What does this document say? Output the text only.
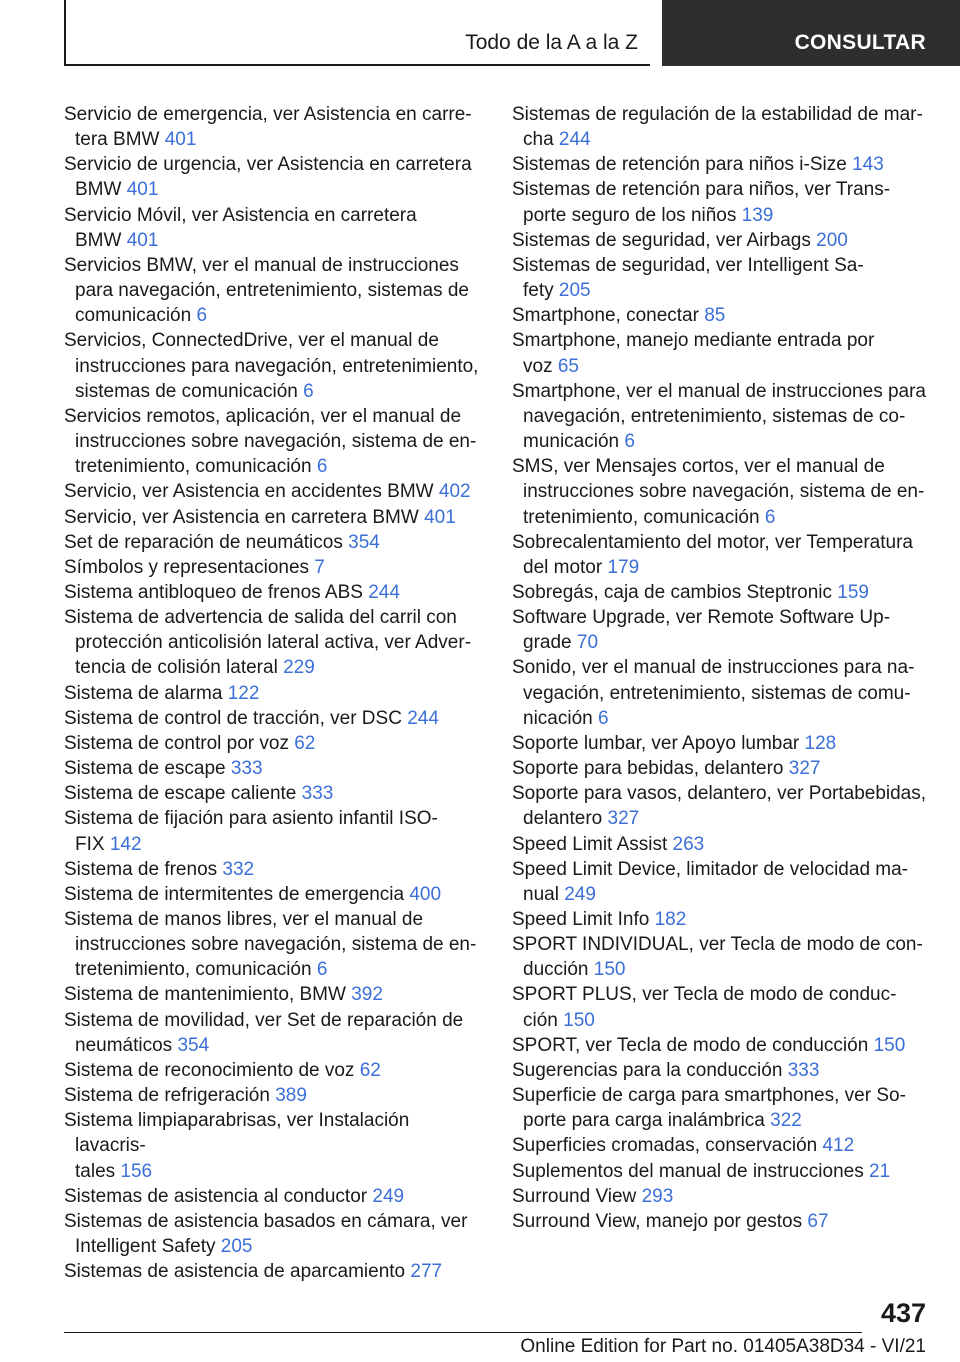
Todo de la A a la Z	CONSULTAR
Servicio de emergencia, ver Asistencia en carre‐
tera BMW 401
Servicio de urgencia, ver Asistencia en carretera
BMW 401
Servicio Móvil, ver Asistencia en carretera
BMW 401
Servicios BMW, ver el manual de instrucciones
para navegación, entretenimiento, sistemas de
comunicación 6
Servicios, ConnectedDrive, ver el manual de
instrucciones para navegación, entretenimiento,
sistemas de comunicación 6
Servicios remotos, aplicación, ver el manual de
instrucciones sobre navegación, sistema de en‐
tretenimiento, comunicación 6
Servicio, ver Asistencia en accidentes BMW 402
Servicio, ver Asistencia en carretera BMW 401
Set de reparación de neumáticos 354
Símbolos y representaciones 7
Sistema antibloqueo de frenos ABS 244
Sistema de advertencia de salida del carril con
protección anticolisión lateral activa, ver Adver‐
tencia de colisión lateral 229
Sistema de alarma 122
Sistema de control de tracción, ver DSC 244
Sistema de control por voz 62
Sistema de escape 333
Sistema de escape caliente 333
Sistema de fijación para asiento infantil ISO‐
FIX 142
Sistema de frenos 332
Sistema de intermitentes de emergencia 400
Sistema de manos libres, ver el manual de
instrucciones sobre navegación, sistema de en‐
tretenimiento, comunicación 6
Sistema de mantenimiento, BMW 392
Sistema de movilidad, ver Set de reparación de
neumáticos 354
Sistema de reconocimiento de voz 62
Sistema de refrigeración 389
Sistema limpiaparabrisas, ver Instalación lavacris‐
tales 156
Sistemas de asistencia al conductor 249
Sistemas de asistencia basados en cámara, ver
Intelligent Safety 205
Sistemas de asistencia de aparcamiento 277
Sistemas de regulación de la estabilidad de mar‐
cha 244
Sistemas de retención para niños i-Size 143
Sistemas de retención para niños, ver Trans‐
porte seguro de los niños 139
Sistemas de seguridad, ver Airbags 200
Sistemas de seguridad, ver Intelligent Sa‐
fety 205
Smartphone, conectar 85
Smartphone, manejo mediante entrada por
voz 65
Smartphone, ver el manual de instrucciones para
navegación, entretenimiento, sistemas de co‐
municación 6
SMS, ver Mensajes cortos, ver el manual de
instrucciones sobre navegación, sistema de en‐
tretenimiento, comunicación 6
Sobrecalentamiento del motor, ver Temperatura
del motor 179
Sobregás, caja de cambios Steptronic 159
Software Upgrade, ver Remote Software Up‐
grade 70
Sonido, ver el manual de instrucciones para na‐
vegación, entretenimiento, sistemas de comu‐
nicación 6
Soporte lumbar, ver Apoyo lumbar 128
Soporte para bebidas, delantero 327
Soporte para vasos, delantero, ver Portabebidas,
delantero 327
Speed Limit Assist 263
Speed Limit Device, limitador de velocidad ma‐
nual 249
Speed Limit Info 182
SPORT INDIVIDUAL, ver Tecla de modo de con‐
ducción 150
SPORT PLUS, ver Tecla de modo de conduc‐
ción 150
SPORT, ver Tecla de modo de conducción 150
Sugerencias para la conducción 333
Superficie de carga para smartphones, ver So‐
porte para carga inalámbrica 322
Superficies cromadas, conservación 412
Suplementos del manual de instrucciones 21
Surround View 293
Surround View, manejo por gestos 67
437
Online Edition for Part no. 01405A38D34 - VI/21
